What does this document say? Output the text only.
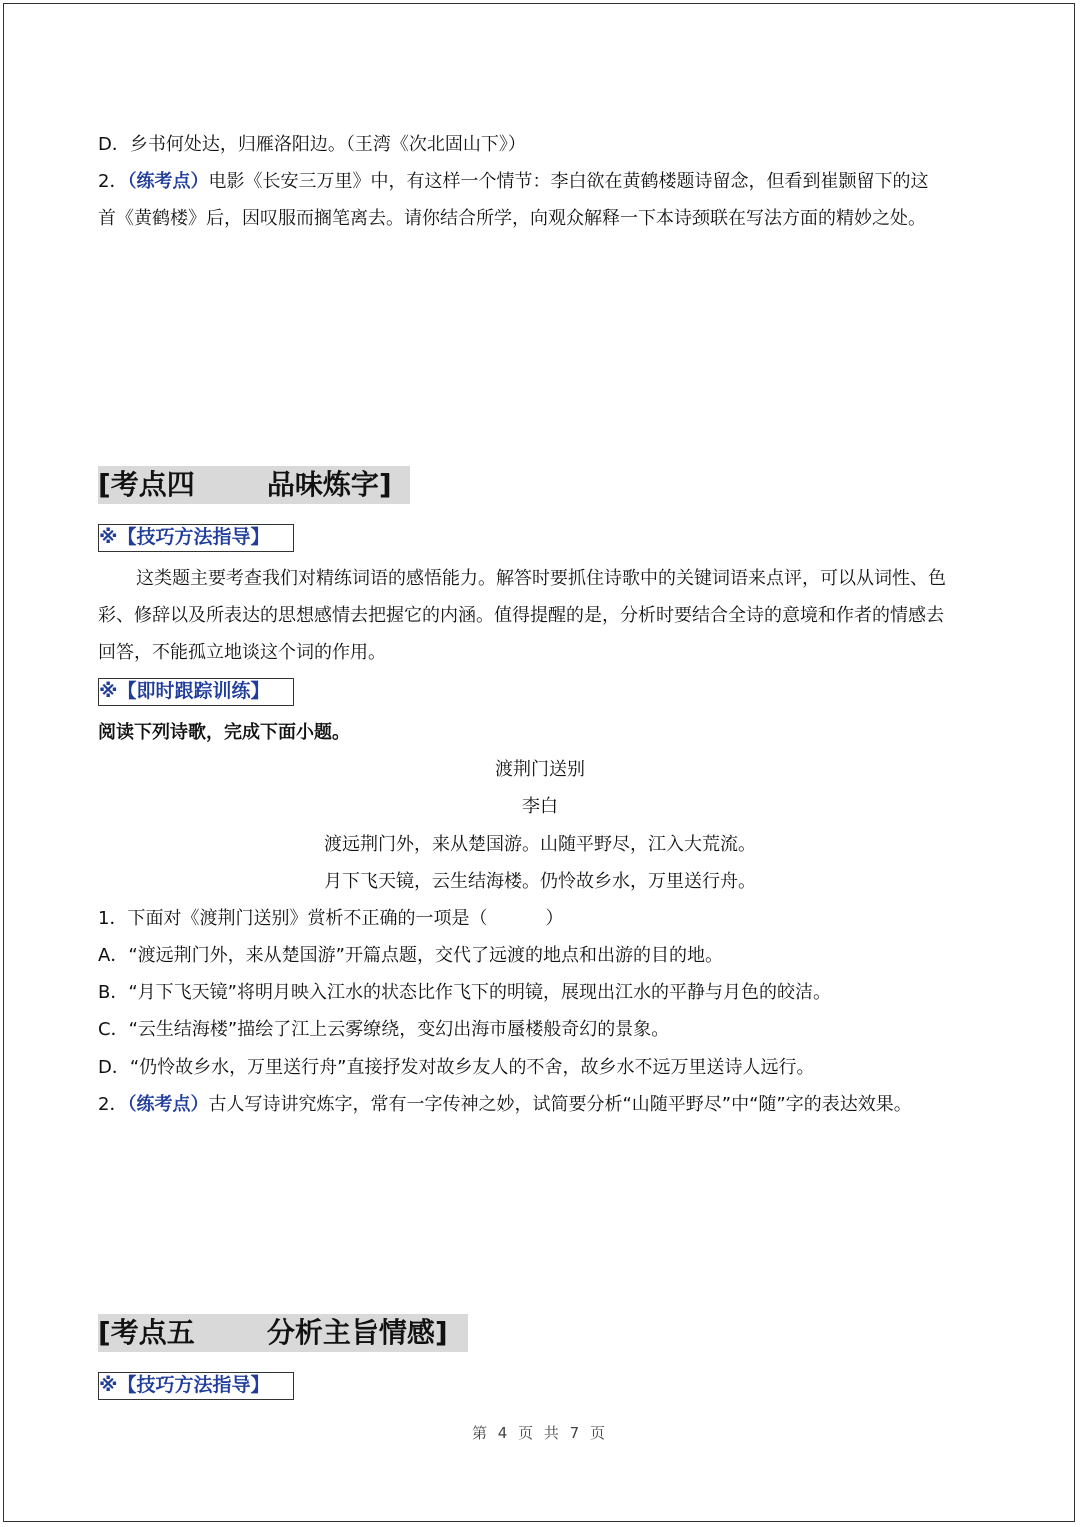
D．乡书何处达，归雁洛阳边。（王湾《次北固山下》）
2．（练考点）电影《长安三万里》中，有这样一个情节：李白欲在黄鹤楼题诗留念，但看到崔颢留下的这
首《黄鹤楼》后，因叹服而搁笔离去。请你结合所学，向观众解释一下本诗颈联在写法方面的精妙之处。
[考点四	品味炼字]
※【技巧方法指导】
这类题主要考查我们对精练词语的感悟能力。解答时要抓住诗歌中的关键词语来点评，可以从词性、色
彩、修辞以及所表达的思想感情去把握它的内涵。值得提醒的是，分析时要结合全诗的意境和作者的情感去
回答，不能孤立地谈这个词的作用。
※【即时跟踪训练】
阅读下列诗歌，完成下面小题。
渡荆门送别
李白
渡远荆门外，来从楚国游。山随平野尽，江入大荒流。
月下飞天镜，云生结海楼。仍怜故乡水，万里送行舟。
1．下面对《渡荆门送别》赏析不正确的一项是（	）
A．“渡远荆门外，来从楚国游”开篇点题，交代了远渡的地点和出游的目的地。
B．“月下飞天镜”将明月映入江水的状态比作飞下的明镜，展现出江水的平静与月色的皎洁。
C．“云生结海楼”描绘了江上云雾缭绕，变幻出海市蜃楼般奇幻的景象。
D．“仍怜故乡水，万里送行舟”直接抒发对故乡友人的不舍，故乡水不远万里送诗人远行。
2．（练考点）古人写诗讲究炼字，常有一字传神之妙，试简要分析“山随平野尽”中“随”字的表达效果。
[考点五	分析主旨情感]
※【技巧方法指导】
第 4 页 共 7 页
